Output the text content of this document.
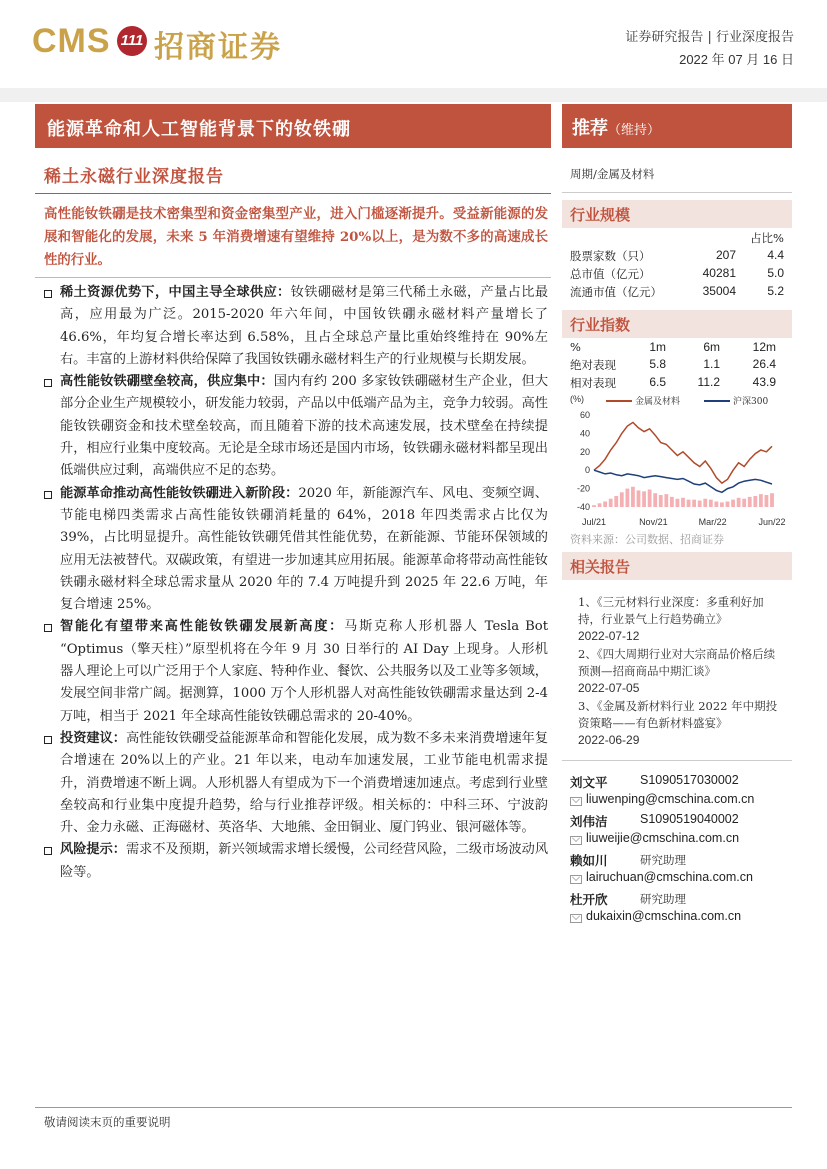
CMS 111 招商证券	证券研究报告 | 行业深度报告
2022 年 07 月 16 日
能源革命和人工智能背景下的钕铁硼	推荐（维持）
稀土永磁行业深度报告
高性能钕铁硼是技术密集型和资金密集型产业，进入门槛逐渐提升。受益新能源的发展和智能化的发展，未来 5 年消费增速有望维持 20%以上，是为数不多的高速成长性的行业。

稀土资源优势下，中国主导全球供应：钕铁硼磁材是第三代稀土永磁，产量占比最高，应用最为广泛。2015-2020 年六年间，中国钕铁硼永磁材料产量增长了 46.6%，年均复合增长率达到 6.58%，且占全球总产量比重始终维持在 90%左右。丰富的上游材料供给保障了我国钕铁硼永磁材料生产的行业规模与长期发展。

高性能钕铁硼壁垒较高，供应集中：国内有约 200 多家钕铁硼磁材生产企业，但大部分企业生产规模较小，研发能力较弱，产品以中低端产品为主，竞争力较弱。高性能钕铁硼资金和技术壁垒较高，而且随着下游的技术高速发展，技术壁垒在持续提升，相应行业集中度较高。无论是全球市场还是国内市场，钕铁硼永磁材料都呈现出低端供应过剩，高端供应不足的态势。

能源革命推动高性能钕铁硼进入新阶段：2020 年，新能源汽车、风电、变频空调、节能电梯四类需求占高性能钕铁硼消耗量的 64%，2018 年四类需求占比仅为 39%，占比明显提升。高性能钕铁硼凭借其性能优势，在新能源、节能环保领域的应用无法被替代。双碳政策，有望进一步加速其应用拓展。能源革命将带动高性能钕铁硼永磁材料全球总需求量从 2020 年的 7.4 万吨提升到 2025 年 22.6 万吨，年复合增速 25%。

智能化有望带来高性能钕铁硼发展新高度：马斯克称人形机器人 Tesla Bot “Optimus（擎天柱）”原型机将在今年 9 月 30 日举行的 AI Day 上现身。人形机器人理论上可以广泛用于个人家庭、特种作业、餐饮、公共服务以及工业等多领域，发展空间非常广阔。据测算，1000 万个人形机器人对高性能钕铁硼需求量达到 2-4 万吨，相当于 2021 年全球高性能钕铁硼总需求的 20-40%。

投资建议：高性能钕铁硼受益能源革命和智能化发展，成为数不多未来消费增速年复合增速在 20%以上的产业。21 年以来，电动车加速发展，工业节能电机需求提升，消费增速不断上调。人形机器人有望成为下一个消费增速加速点。考虑到行业壁垒较高和行业集中度提升趋势，给与行业推荐评级。相关标的：中科三环、宁波韵升、金力永磁、正海磁材、英洛华、大地熊、金田铜业、厦门钨业、银河磁体等。

风险提示：需求不及预期，新兴领域需求增长缓慢，公司经营风险，二级市场波动风险等。

周期/金属及材料
行业规模
占比%
股票家数（只）	207	4.4
总市值（亿元）	40281	5.0
流通市值（亿元）	35004	5.2
行业指数
%	1m	6m	12m
绝对表现	5.8	1.1	26.4
相对表现	6.5	11.2	43.9
60
40
20
0
-20
-40
Jul/21	Nov/21	Mar/22	Jun/22
(%)	金属及材料	沪深300
资料来源：公司数据、招商证券
相关报告
1、《三元材料行业深度：多重利好加持，行业景气上行趋势确立》
2022-07-12
2、《四大周期行业对大宗商品价格后续预测—招商商品中期汇谈》
2022-07-05
3、《金属及新材料行业 2022 年中期投资策略——有色新材料盛宴》
2022-06-29
刘文平	S1090517030002
liuwenping@cmschina.com.cn
刘伟洁	S1090519040002
liuweijie@cmschina.com.cn
赖如川	研究助理
lairuchuan@cmschina.com.cn
杜开欣	研究助理
dukaixin@cmschina.com.cn
敬请阅读末页的重要说明
